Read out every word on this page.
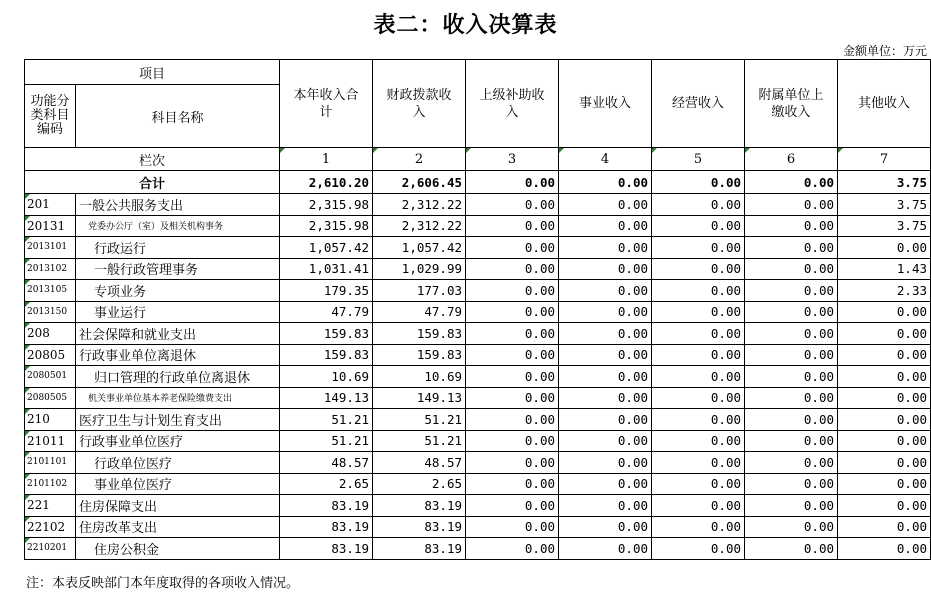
表二：收入决算表
金额单位：万元
项目		本年收入合计	财政拨款收入	上级补助收入	事业收入	经营收入	附属单位上缴收入	其他收入
功能分类科目编码	科目名称							
栏次		1	2	3	4	5	6	7
合计		2,610.20	2,606.45	0.00	0.00	0.00	0.00	3.75

201	一般公共服务支出	2,315.98	2,312.22	0.00	0.00	0.00	0.00	3.75

20131	党委办公厅（室）及相关机构事务	2,315.98	2,312.22	0.00	0.00	0.00	0.00	3.75

2013101	行政运行	1,057.42	1,057.42	0.00	0.00	0.00	0.00	0.00

2013102	一般行政管理事务	1,031.41	1,029.99	0.00	0.00	0.00	0.00	1.43

2013105	专项业务	179.35	177.03	0.00	0.00	0.00	0.00	2.33

2013150	事业运行	47.79	47.79	0.00	0.00	0.00	0.00	0.00

208	社会保障和就业支出	159.83	159.83	0.00	0.00	0.00	0.00	0.00

20805	行政事业单位离退休	159.83	159.83	0.00	0.00	0.00	0.00	0.00

2080501	归口管理的行政单位离退休	10.69	10.69	0.00	0.00	0.00	0.00	0.00

2080505	机关事业单位基本养老保险缴费支出	149.13	149.13	0.00	0.00	0.00	0.00	0.00

210	医疗卫生与计划生育支出	51.21	51.21	0.00	0.00	0.00	0.00	0.00

21011	行政事业单位医疗	51.21	51.21	0.00	0.00	0.00	0.00	0.00

2101101	行政单位医疗	48.57	48.57	0.00	0.00	0.00	0.00	0.00

2101102	事业单位医疗	2.65	2.65	0.00	0.00	0.00	0.00	0.00

221	住房保障支出	83.19	83.19	0.00	0.00	0.00	0.00	0.00

22102	住房改革支出	83.19	83.19	0.00	0.00	0.00	0.00	0.00

2210201	住房公积金	83.19	83.19	0.00	0.00	0.00	0.00	0.00
注：本表反映部门本年度取得的各项收入情况。
